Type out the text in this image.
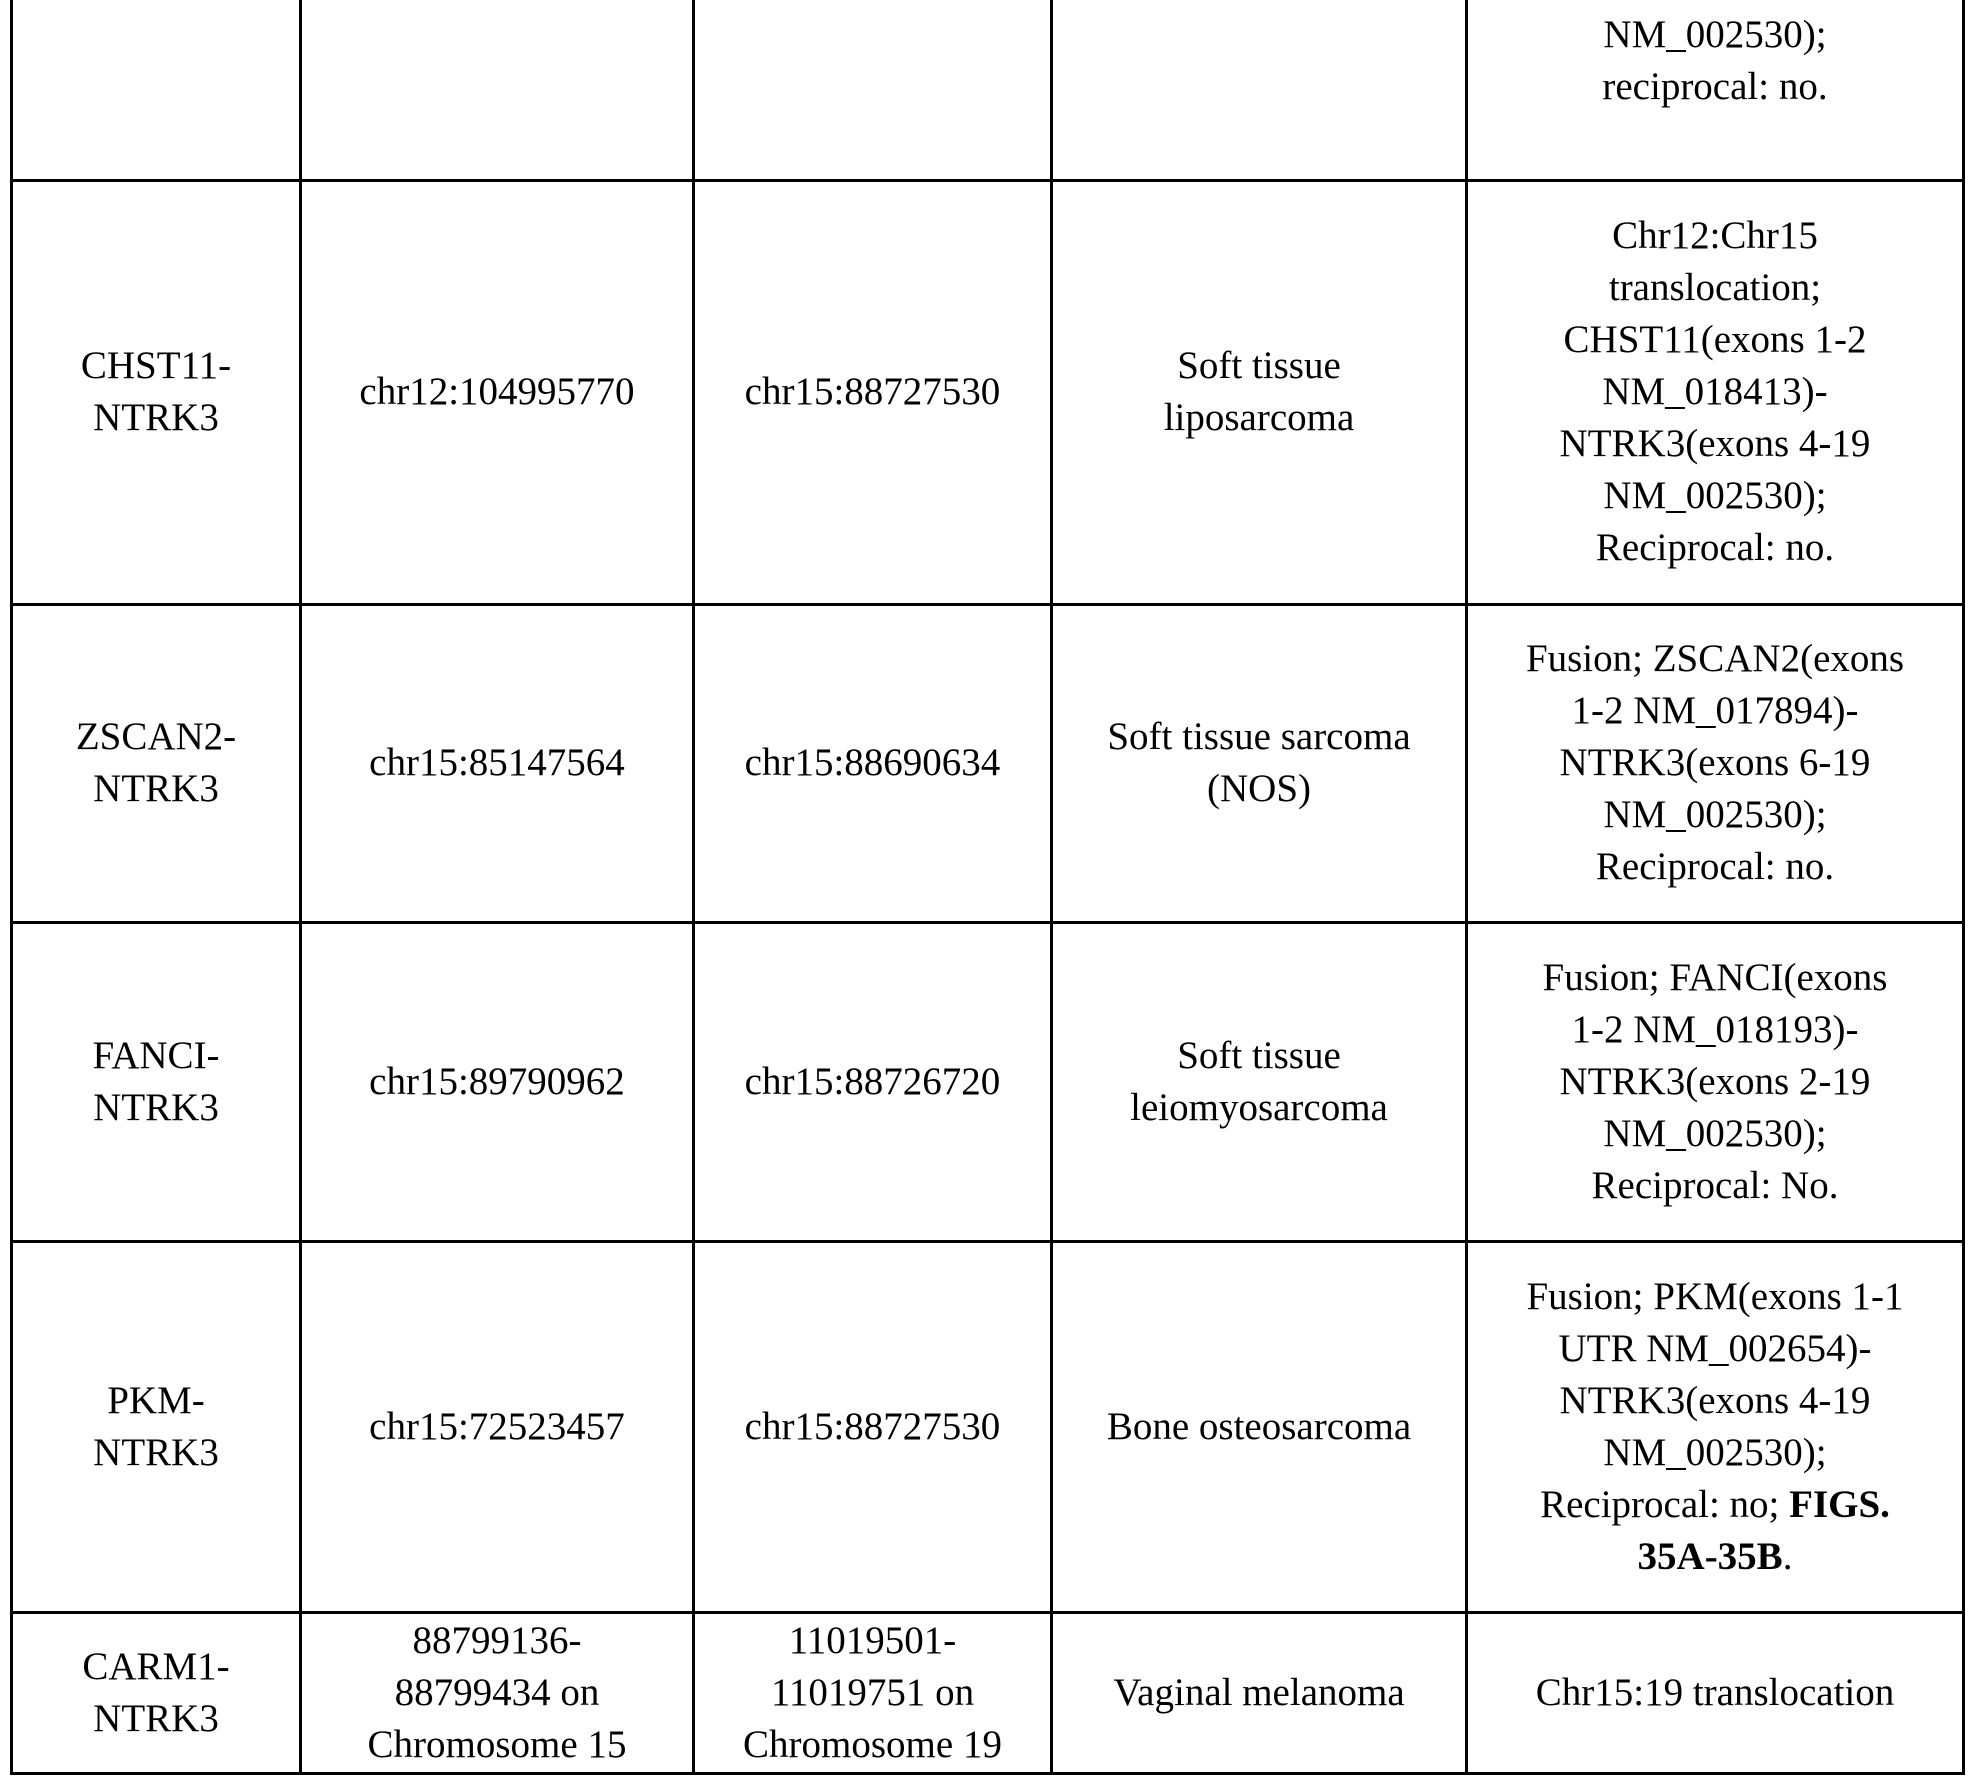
				NM_002530);
reciprocal: no.
CHST11-
NTRK3	chr12:104995770	chr15:88727530	Soft tissue
liposarcoma	Chr12:Chr15
translocation;
CHST11(exons 1-2
NM_018413)-
NTRK3(exons 4-19
NM_002530);
Reciprocal: no.
ZSCAN2-
NTRK3	chr15:85147564	chr15:88690634	Soft tissue sarcoma
(NOS)	Fusion; ZSCAN2(exons
1-2 NM_017894)-
NTRK3(exons 6-19
NM_002530);
Reciprocal: no.
FANCI-
NTRK3	chr15:89790962	chr15:88726720	Soft tissue
leiomyosarcoma	Fusion; FANCI(exons
1-2 NM_018193)-
NTRK3(exons 2-19
NM_002530);
Reciprocal: No.
PKM-
NTRK3	chr15:72523457	chr15:88727530	Bone osteosarcoma	Fusion; PKM(exons 1-1
UTR NM_002654)-
NTRK3(exons 4-19
NM_002530);
Reciprocal: no; FIGS.
35A-35B.
CARM1-
NTRK3	88799136-
88799434 on
Chromosome 15	11019501-
11019751 on
Chromosome 19	Vaginal melanoma	Chr15:19 translocation
